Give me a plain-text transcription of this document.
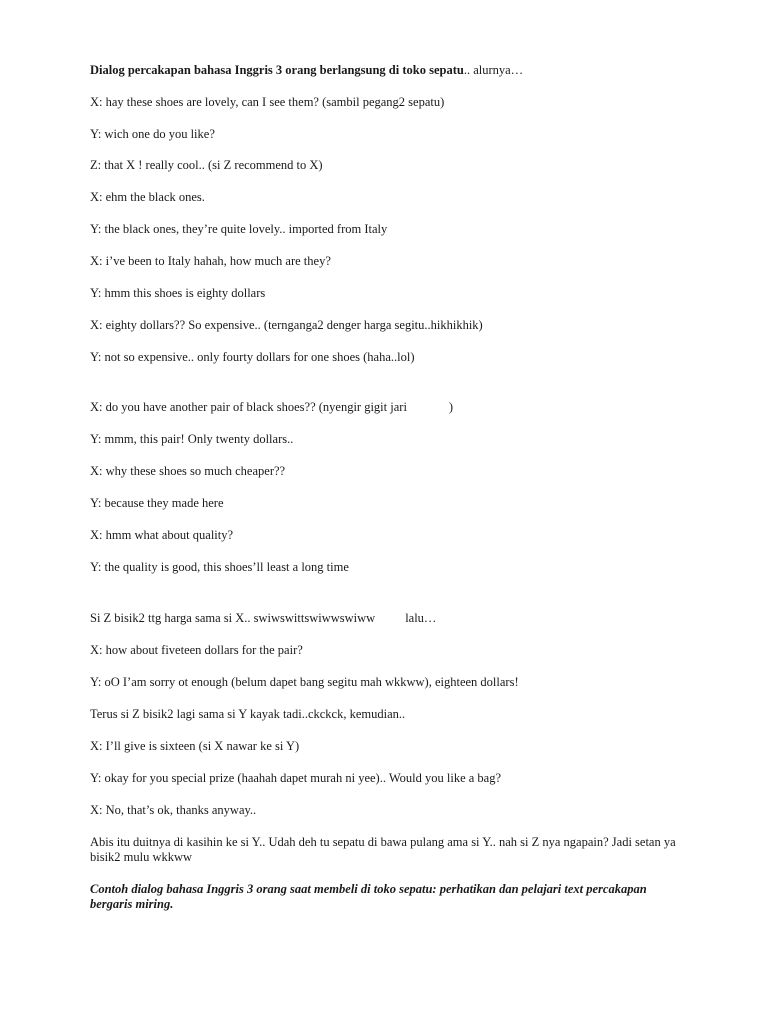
Dialog percakapan bahasa Inggris 3 orang berlangsung di toko sepatu.. alurnya…
X: hay these shoes are lovely, can I see them? (sambil pegang2 sepatu)
Y: wich one do you like?
Z: that X ! really cool.. (si Z recommend to X)
X: ehm the black ones.
Y: the black ones, they’re quite lovely.. imported from Italy
X: i’ve been to Italy hahah, how much are they?
Y: hmm this shoes is eighty dollars
X: eighty dollars?? So expensive.. (ternganga2 denger harga segitu..hikhikhik)
Y: not so expensive.. only fourty dollars for one shoes (haha..lol)
X: do you have another pair of black shoes?? (nyengir gigit jari	)
Y: mmm, this pair! Only twenty dollars..
X: why these shoes so much cheaper??
Y: because they made here
X: hmm what about quality?
Y: the quality is good, this shoes’ll least a long time
Si Z bisik2 ttg harga sama si X.. swiwswittswiwwswiww lalu…
X: how about fiveteen dollars for the pair?
Y: oO I’am sorry ot enough (belum dapet bang segitu mah wkkww), eighteen dollars!
Terus si Z bisik2 lagi sama si Y kayak tadi..ckckck, kemudian..
X: I’ll give is sixteen (si X nawar ke si Y)
Y: okay for you special prize (haahah dapet murah ni yee).. Would you like a bag?
X: No, that’s ok, thanks anyway..
Abis itu duitnya di kasihin ke si Y.. Udah deh tu sepatu di bawa pulang ama si Y.. nah si Z nya ngapain? Jadi setan ya bisik2 mulu wkkww
Contoh dialog bahasa Inggris 3 orang saat membeli di toko sepatu: perhatikan dan pelajari text percakapan bergaris miring.
